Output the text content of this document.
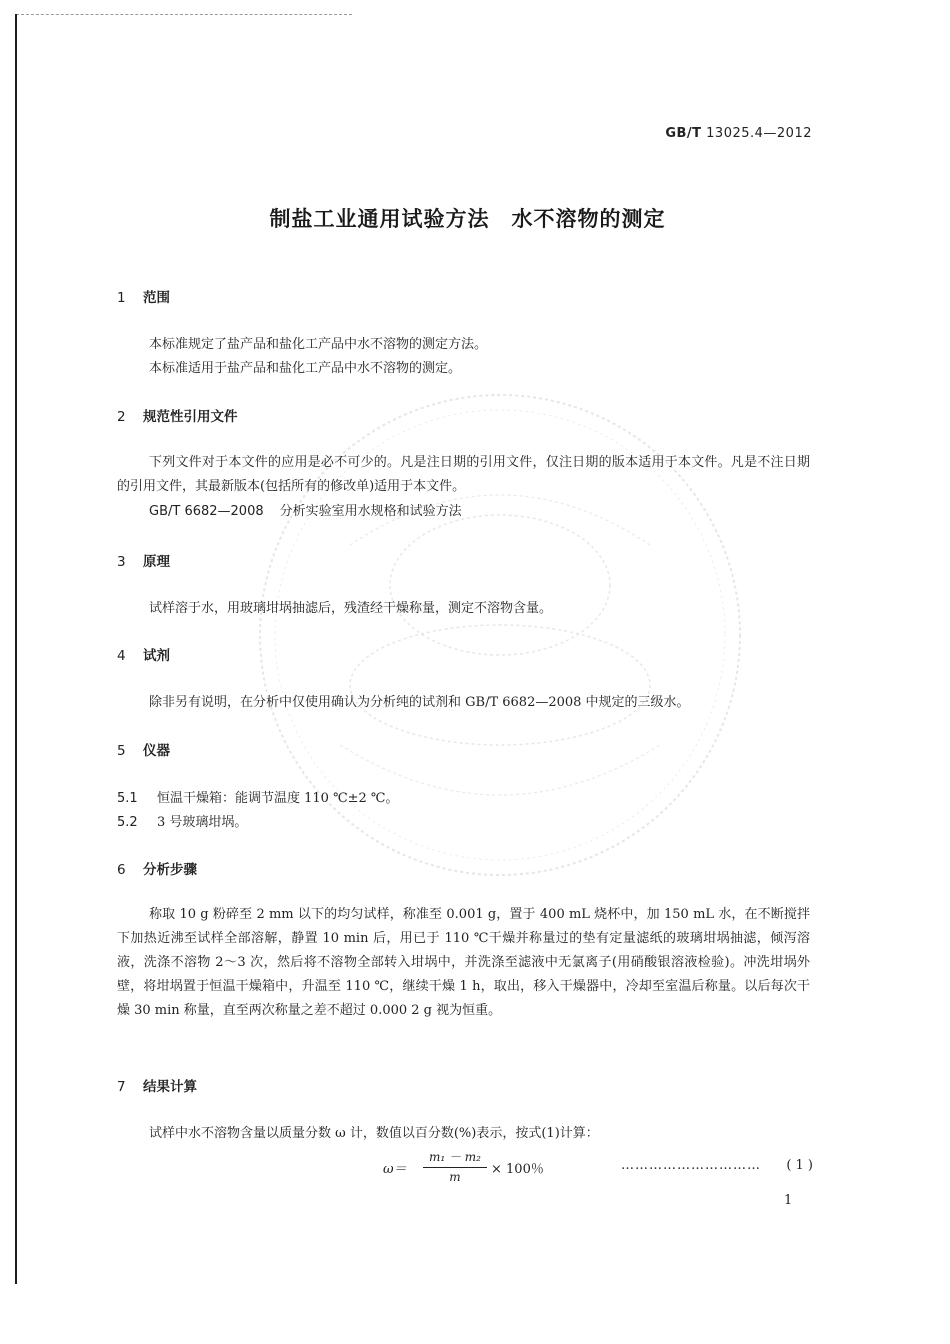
GB/T 13025.4—2012
制盐工业通用试验方法　水不溶物的测定
1 范围
本标准规定了盐产品和盐化工产品中水不溶物的测定方法。
本标准适用于盐产品和盐化工产品中水不溶物的测定。
2 规范性引用文件
下列文件对于本文件的应用是必不可少的。凡是注日期的引用文件，仅注日期的版本适用于本文件。凡是不注日期的引用文件，其最新版本(包括所有的修改单)适用于本文件。
GB/T 6682—2008 分析实验室用水规格和试验方法
3 原理
试样溶于水，用玻璃坩埚抽滤后，残渣经干燥称量，测定不溶物含量。
4 试剂
除非另有说明，在分析中仅使用确认为分析纯的试剂和 GB/T 6682—2008 中规定的三级水。
5 仪器
5.1 恒温干燥箱：能调节温度 110 ℃±2 ℃。
5.2 3 号玻璃坩埚。
6 分析步骤
称取 10 g 粉碎至 2 mm 以下的均匀试样，称准至 0.001 g，置于 400 mL 烧杯中，加 150 mL 水，在不断搅拌下加热近沸至试样全部溶解，静置 10 min 后，用已于 110 ℃干燥并称量过的垫有定量滤纸的玻璃坩埚抽滤，倾泻溶液，洗涤不溶物 2～3 次，然后将不溶物全部转入坩埚中，并洗涤至滤液中无氯离子(用硝酸银溶液检验)。冲洗坩埚外壁，将坩埚置于恒温干燥箱中，升温至 110 ℃，继续干燥 1 h，取出，移入干燥器中，冷却至室温后称量。以后每次干燥 30 min 称量，直至两次称量之差不超过 0.000 2 g 视为恒重。
7 结果计算
试样中水不溶物含量以质量分数 ω 计，数值以百分数(%)表示，按式(1)计算：
$\omega= \frac{\text{m₁ － m₂}}{m} \times 100$％	………………………… ( 1 )
1
